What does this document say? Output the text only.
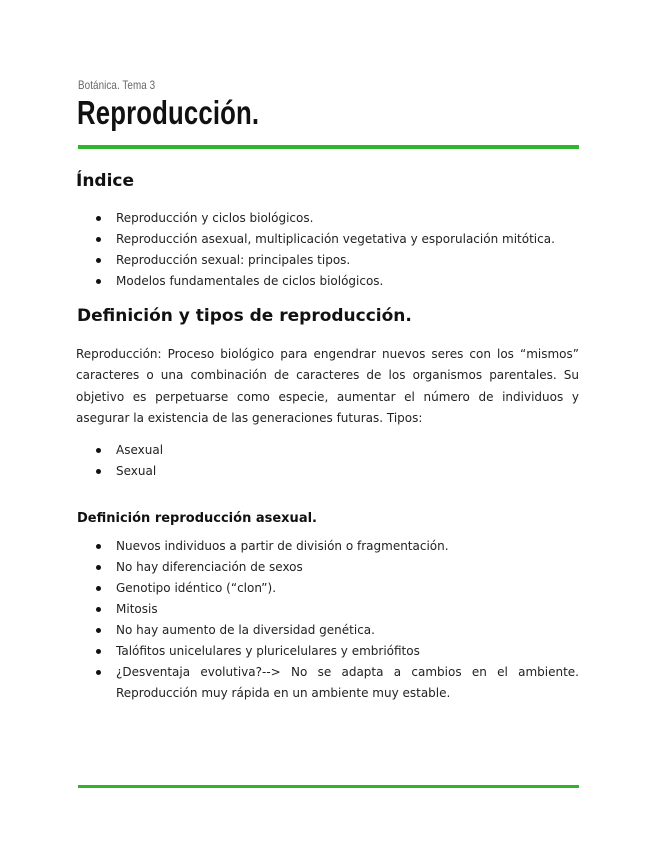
Botánica. Tema 3
Reproducción.
Índice
Reproducción y ciclos biológicos.
Reproducción asexual, multiplicación vegetativa y esporulación mitótica.
Reproducción sexual: principales tipos.
Modelos fundamentales de ciclos biológicos.
Definición y tipos de reproducción.

Reproducción: Proceso biológico para engendrar nuevos seres con los “mismos” caracteres o una combinación de caracteres de los organismos parentales. Su objetivo es perpetuarse como especie, aumentar el número de individuos y asegurar la existencia de las generaciones futuras. Tipos:

Asexual
Sexual
Definición reproducción asexual.
Nuevos individuos a partir de división o fragmentación.
No hay diferenciación de sexos
Genotipo idéntico (“clon”).
Mitosis
No hay aumento de la diversidad genética.
Talófitos unicelulares y pluricelulares y embriófitos
¿Desventaja evolutiva?--> No se adapta a cambios en el ambiente. Reproducción muy rápida en un ambiente muy estable.
